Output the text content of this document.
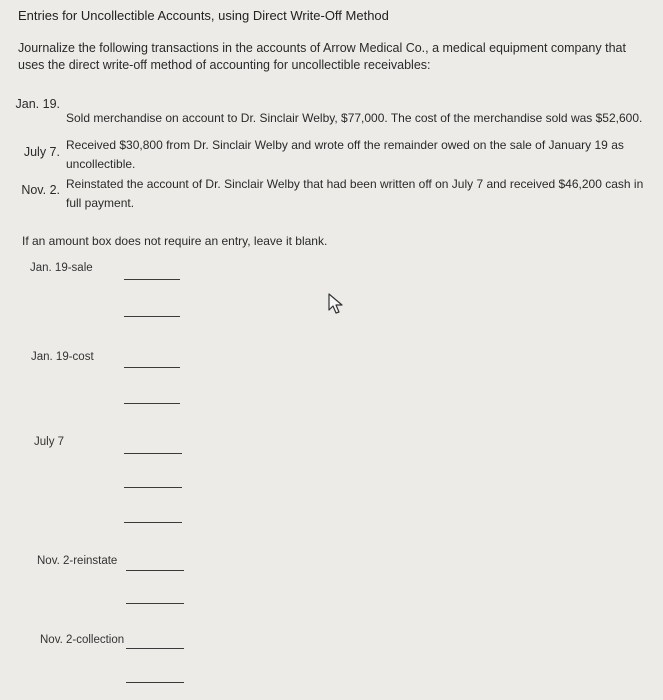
Entries for Uncollectible Accounts, using Direct Write-Off Method
Journalize the following transactions in the accounts of Arrow Medical Co., a medical equipment company that uses the direct write-off method of accounting for uncollectible receivables:
Jan. 19.
Sold merchandise on account to Dr. Sinclair Welby, $77,000. The cost of the merchandise sold was $52,600.
July 7. Received $30,800 from Dr. Sinclair Welby and wrote off the remainder owed on the sale of January 19 as uncollectible.
Nov. 2. Reinstated the account of Dr. Sinclair Welby that had been written off on July 7 and received $46,200 cash in full payment.
If an amount box does not require an entry, leave it blank.
Jan. 19-sale
Jan. 19-cost
July 7
Nov. 2-reinstate
Nov. 2-collection
